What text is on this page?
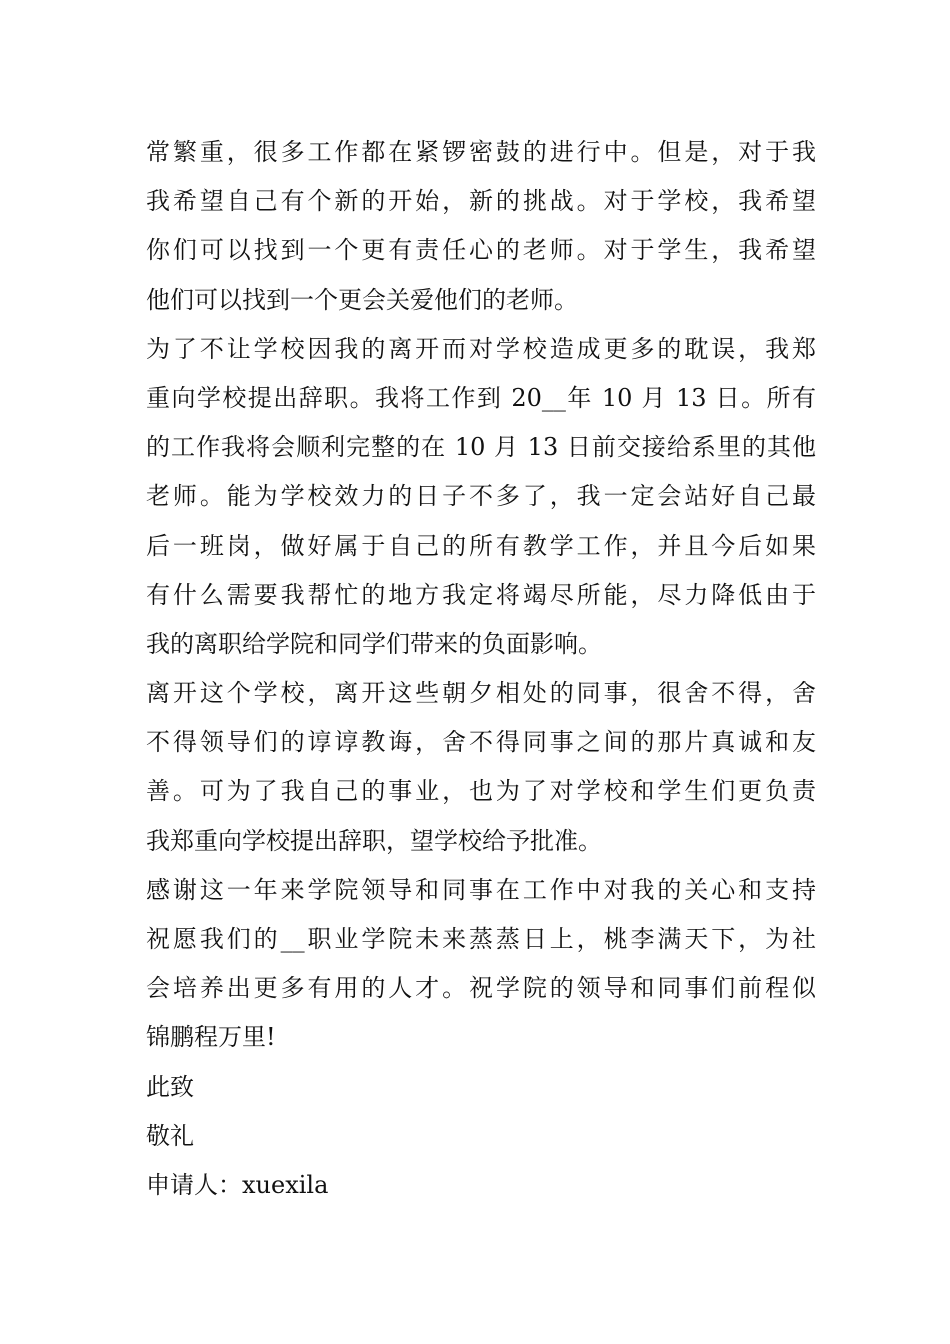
常繁重，很多工作都在紧锣密鼓的进行中。但是，对于我
我希望自己有个新的开始，新的挑战。对于学校，我希望
你们可以找到一个更有责任心的老师。对于学生，我希望
他们可以找到一个更会关爱他们的老师。
为了不让学校因我的离开而对学校造成更多的耽误，我郑
重向学校提出辞职。我将工作到 20__年 10 月 13 日。所有
的工作我将会顺利完整的在 10 月 13 日前交接给系里的其他
老师。能为学校效力的日子不多了，我一定会站好自己最
后一班岗，做好属于自己的所有教学工作，并且今后如果
有什么需要我帮忙的地方我定将竭尽所能，尽力降低由于
我的离职给学院和同学们带来的负面影响。
离开这个学校，离开这些朝夕相处的同事，很舍不得，舍
不得领导们的谆谆教诲，舍不得同事之间的那片真诚和友
善。可为了我自己的事业，也为了对学校和学生们更负责
我郑重向学校提出辞职，望学校给予批准。
感谢这一年来学院领导和同事在工作中对我的关心和支持
祝愿我们的__职业学院未来蒸蒸日上，桃李满天下，为社
会培养出更多有用的人才。祝学院的领导和同事们前程似
锦鹏程万里!
此致
敬礼
申请人：xuexila
